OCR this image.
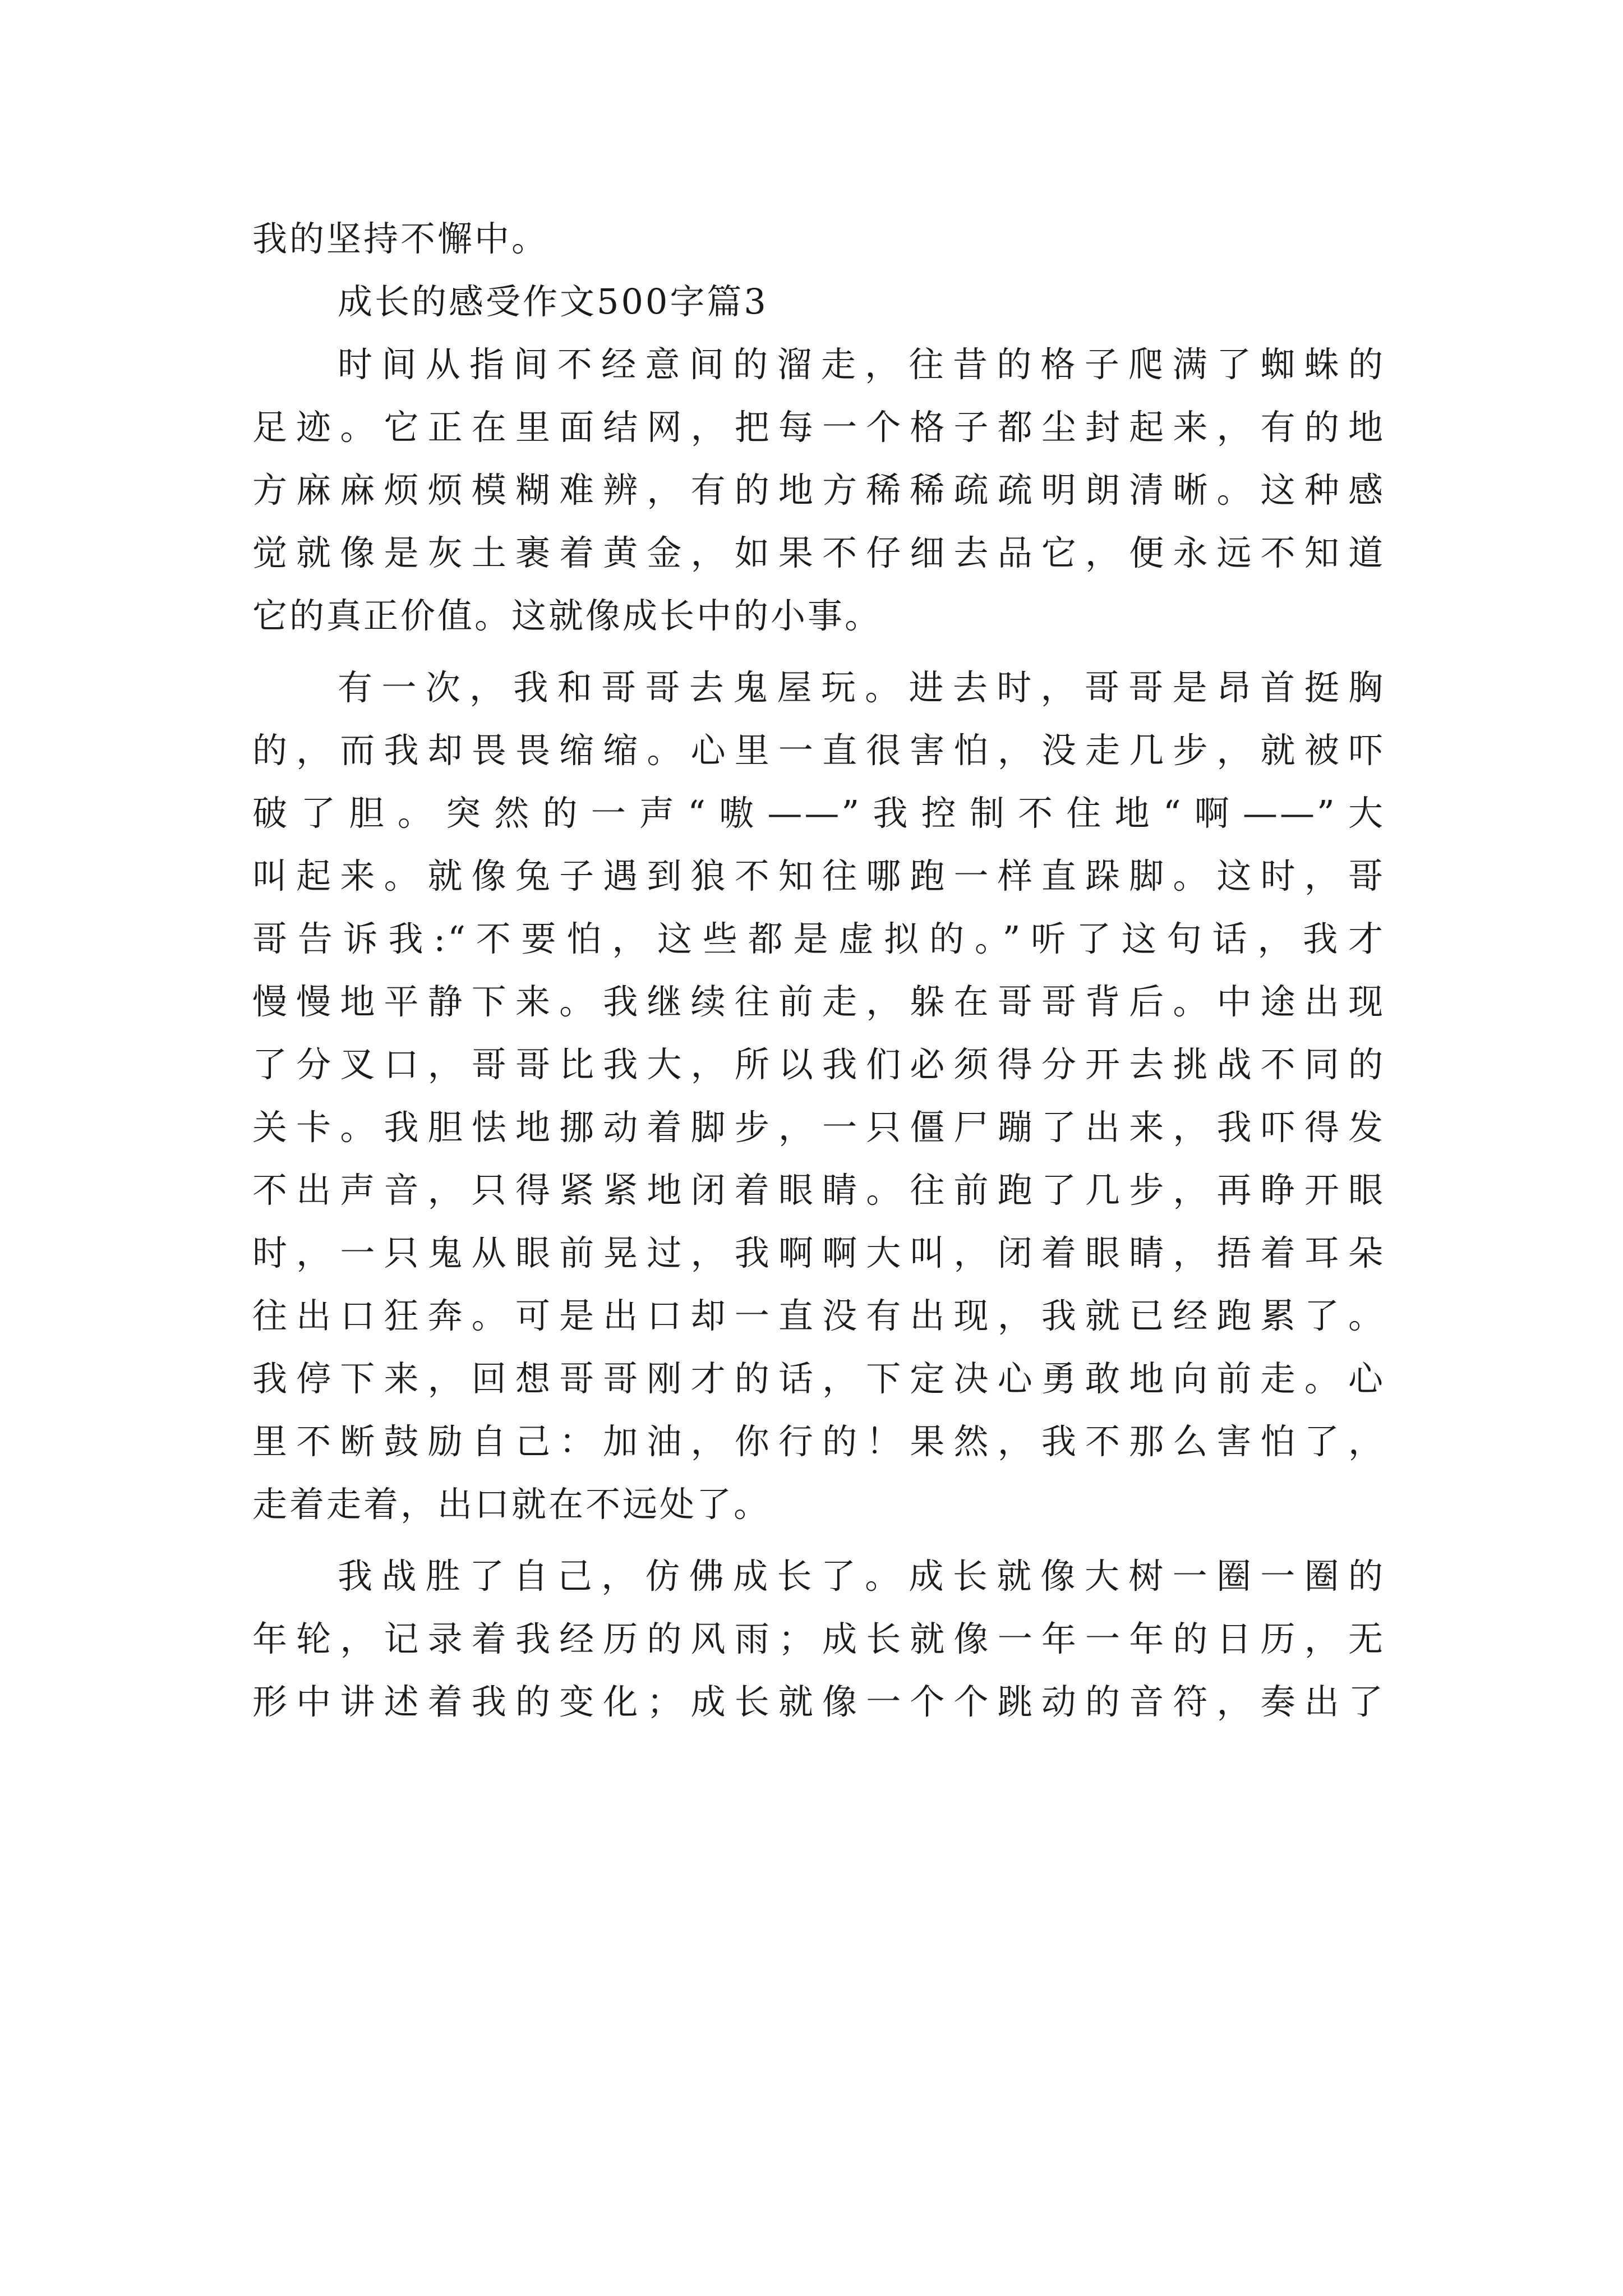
我的坚持不懈中。
成长的感受作文500字篇3
时间从指间不经意间的溜走，往昔的格子爬满了蜘蛛的
足迹。它正在里面结网，把每一个格子都尘封起来，有的地
方麻麻烦烦模糊难辨，有的地方稀稀疏疏明朗清晰。这种感
觉就像是灰土裹着黄金，如果不仔细去品它，便永远不知道
它的真正价值。这就像成长中的小事。
有一次，我和哥哥去鬼屋玩。进去时，哥哥是昂首挺胸
的，而我却畏畏缩缩。心里一直很害怕，没走几步，就被吓
破了胆。突然的一声“嗷——”我控制不住地“啊——”大
叫起来。就像兔子遇到狼不知往哪跑一样直跺脚。这时，哥
哥告诉我:“不要怕，这些都是虚拟的。”听了这句话，我才
慢慢地平静下来。我继续往前走，躲在哥哥背后。中途出现
了分叉口，哥哥比我大，所以我们必须得分开去挑战不同的
关卡。我胆怯地挪动着脚步，一只僵尸蹦了出来，我吓得发
不出声音，只得紧紧地闭着眼睛。往前跑了几步，再睁开眼
时，一只鬼从眼前晃过，我啊啊大叫，闭着眼睛，捂着耳朵
往出口狂奔。可是出口却一直没有出现，我就已经跑累了。
我停下来，回想哥哥刚才的话，下定决心勇敢地向前走。心
里不断鼓励自己：加油，你行的！果然，我不那么害怕了，
走着走着，出口就在不远处了。
我战胜了自己，仿佛成长了。成长就像大树一圈一圈的
年轮，记录着我经历的风雨；成长就像一年一年的日历，无
形中讲述着我的变化；成长就像一个个跳动的音符，奏出了
